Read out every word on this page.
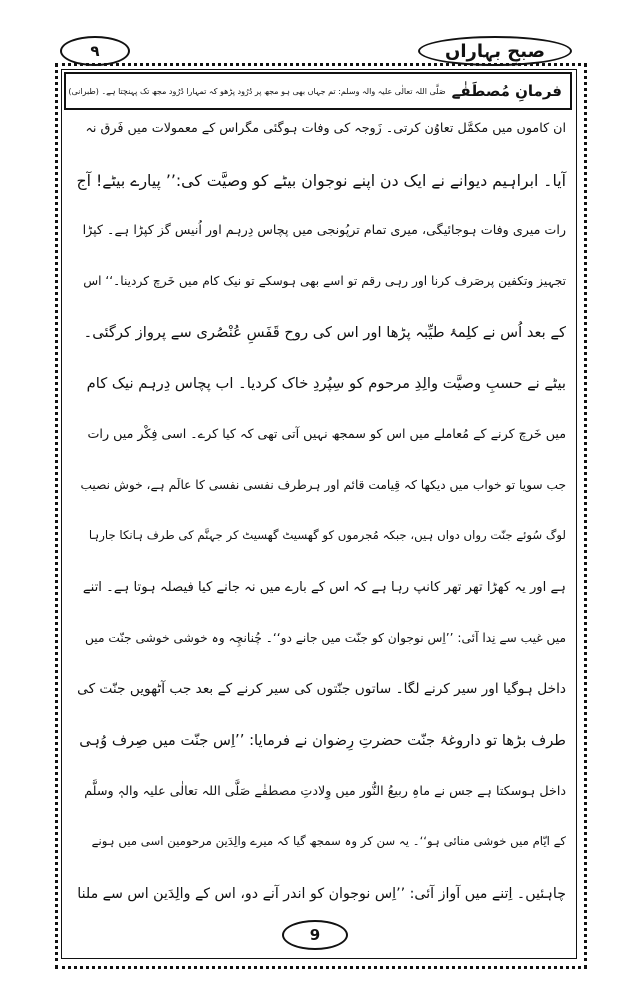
صبحِ بہاراں
۹
فرمانِ مُصطَفٰے
صَلَّی اللہ تعالٰی علیہ والہ وسلم: تم جہاں بھی ہو مجھ پر دُرُود پڑھو کہ تمہارا دُرُود مجھ تک پہنچتا ہے۔ (طبرانی)
ان کاموں میں مکمَّل تعاوُن کرتی۔ زَوجہ کی وفات ہوگئی مگراس کے معمولات میں فَرق نہ
آیا۔ ابراہیم دیوانے نے ایک دن اپنے نوجوان بیٹے کو وصیَّت کی:’’ پیارے بیٹے! آج
رات میری وفات ہوجائیگی، میری تمام ترپُونجی میں پچاس دِرہم اور اُنیس گز کپڑا ہے۔ کپڑا
تجہیز وتکفین پرصَرف کرنا اور رہی رقم تو اسے بھی ہوسکے تو نیک کام میں خَرچ کردینا۔‘‘ اس
کے بعد اُس نے کلِمۂ طیِّبہ پڑھا اور اس کی روح قَفَسِ عُنْصُری سے پرواز کرگئی۔
بیٹے نے حسبِ وصیَّت والِدِ مرحوم کو سِپُردِ خاک کردیا۔ اب پچاس دِرہم نیک کام
میں خَرچ کرنے کے مُعاملے میں اس کو سمجھ نہیں آتی تھی کہ کیا کرے۔ اسی فِکْر میں رات
جب سویا تو خواب میں دیکھا کہ قِیامت قائم اور ہرطرف نفسی نفسی کا عالَم ہے، خوش نصیب
لوگ سُوئے جنّت رواں دواں ہیں، جبکہ مُجرموں کو گھسیٹ گھسیٹ کر جہنَّم کی طرف ہانکا جارہا
ہے اور یہ کھڑا تھر تھر کانپ رہا ہے کہ اس کے بارے میں نہ جانے کیا فیصلہ ہوتا ہے۔ اتنے
میں غیب سے نِدا آئی: ’’اِس نوجوان کو جنّت میں جانے دو‘‘۔ چُنانچِہ وہ خوشی خوشی جنّت میں
داخل ہوگیا اور سیر کرنے لگا۔ ساتوں جنّتوں کی سیر کرنے کے بعد جب آٹھویں جنّت کی
طرف بڑھا تو داروغۂ جنّت حضرتِ رِضوان نے فرمایا: ’’اِس جنّت میں صِرف وُہی
داخل ہوسکتا ہے جس نے ماہِ ربیعُ النُّور میں وِلادتِ مصطفٰے صَلَّی اللہ تعالٰی علیہ والہٖ وسلَّم
کے ایّام میں خوشی منائی ہو‘‘۔ یہ سن کر وہ سمجھ گیا کہ میرے والِدَین مرحومین اسی میں ہونے
چاہئیں۔ اِتنے میں آواز آئی: ’’اِس نوجوان کو اندر آنے دو، اس کے والِدَین اس سے ملنا
9
